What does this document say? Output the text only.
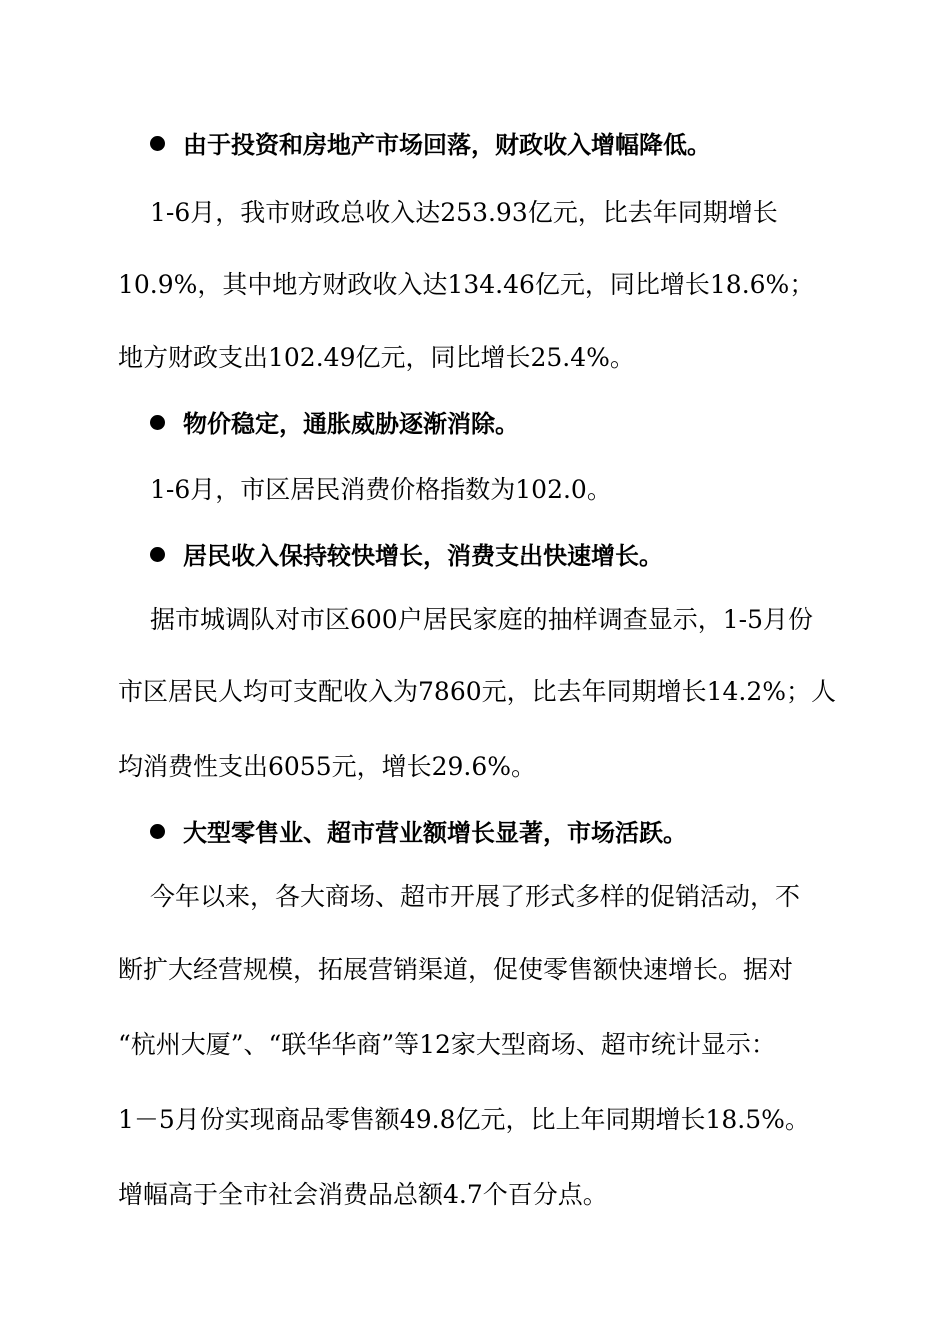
由于投资和房地产市场回落，财政收入增幅降低。
1-6月，我市财政总收入达253.93亿元，比去年同期增长
10.9%，其中地方财政收入达134.46亿元，同比增长18.6%；
地方财政支出102.49亿元，同比增长25.4%。
物价稳定，通胀威胁逐渐消除。
1-6月，市区居民消费价格指数为102.0。
居民收入保持较快增长，消费支出快速增长。
据市城调队对市区600户居民家庭的抽样调查显示，1-5月份
市区居民人均可支配收入为7860元，比去年同期增长14.2%；人
均消费性支出6055元，增长29.6%。
大型零售业、超市营业额增长显著，市场活跃。
今年以来，各大商场、超市开展了形式多样的促销活动，不
断扩大经营规模，拓展营销渠道，促使零售额快速增长。据对
“杭州大厦”、“联华华商”等12家大型商场、超市统计显示：
1－5月份实现商品零售额49.8亿元，比上年同期增长18.5%。
增幅高于全市社会消费品总额4.7个百分点。
